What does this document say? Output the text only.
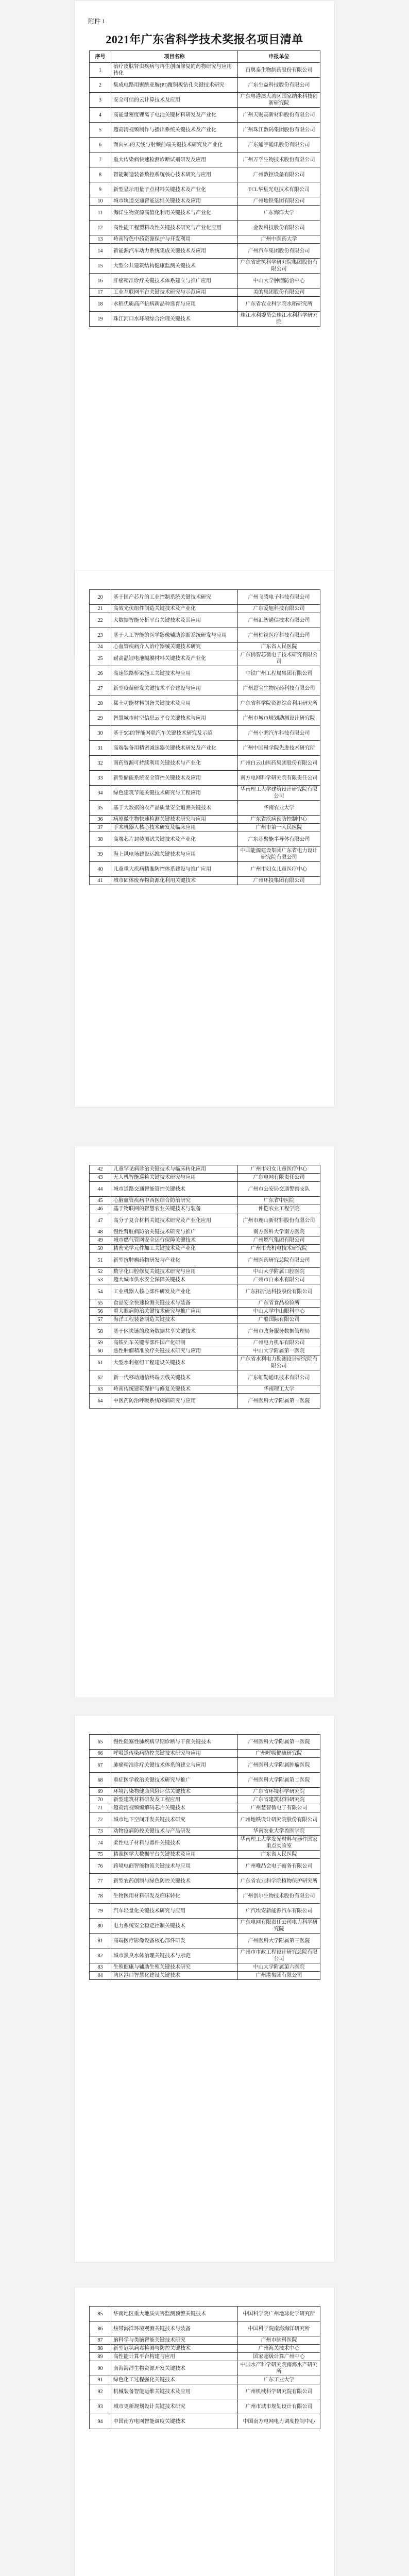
附件 1
2021年广东省科学技术奖报名项目清单
序号	项目名称	申报单位
1	治疗皮肤肾虫疾病与再生创面修复的药物研究与应用转化	百奥泰生物制药股份有限公司
2	集成电路用聚酰亚胺(PI)覆铜板钻孔关键技术研究	广东生益科技股份有限公司
3	安全可信的云计算技术及应用	广东粤港澳大湾区国家纳米科技创新研究院
4	高能量密度锂离子电池关键材料研发及产业化	广州天赐高新材料股份有限公司
5	超高清视频制作与播出系统关键技术及产业化	广州珠江数码集团股份有限公司
6	面向5G的天线与射频前端关键技术研究及产业化	广东通宇通讯股份有限公司
7	重大传染病快速检测诊断试剂研发及应用	广州万孚生物技术股份有限公司
8	智能制造装备数控系统核心技术研究与应用	广州数控设备有限公司
9	新型显示用量子点材料关键技术及产业化	TCL华星光电技术有限公司
10	城市轨道交通智能运维关键技术及应用	广州地铁集团有限公司
11	海洋生物资源高值化利用关键技术与产业化	广东海洋大学
12	高性能工程塑料改性关键技术研究与产业化应用	金发科技股份有限公司
13	岭南特色中药资源保护与开发利用	广州中医药大学
14	新能源汽车动力系统集成关键技术及应用	广州汽车集团股份有限公司
15	大型公共建筑结构健康监测关键技术	广东省建筑科学研究院集团股份有限公司
16	肝癌精准诊疗关键技术体系建立与推广应用	中山大学肿瘤防治中心
17	工业互联网平台关键技术研究与示范应用	美的集团股份有限公司
18	水稻优质高产抗病新品种选育与应用	广东省农业科学院水稻研究所
19	珠江河口水环境综合治理关键技术	珠江水利委员会珠江水利科学研究院
20	基于国产芯片的工业控制系统关键技术研究	广州飞腾电子科技有限公司
21	高效光伏组件制造关键技术及产业化	广东爱旭科技有限公司
22	大数据智能分析平台关键技术及其应用	广州汇智通信技术有限公司
23	基于人工智能的医学影像辅助诊断系统研发与应用	广州柏视医疗科技有限公司
24	心血管疾病介入治疗器械关键技术研究	广东省人民医院
25	耐高温锂电池隔膜材料关键技术及产业化	广东佛智芯微电子技术研究有限公司
26	高速铁路桥梁施工关键技术与应用	中铁广州工程局集团有限公司
27	新型疫苗研发关键技术平台建设与应用	广州恩宝生物医药科技有限公司
28	稀土功能材料制备关键技术及应用	广东省科学院资源综合利用研究所
29	智慧城市时空信息云平台关键技术与应用	广州市城市规划勘测设计研究院
30	基于5G的智能网联汽车关键技术研究及示范	广州小鹏汽车科技有限公司
31	高端装备用精密减速器关键技术研发及产业化	广州中国科学院先进技术研究所
32	南药资源可持续利用关键技术与产业化	广州白云山医药集团股份有限公司
33	新型储能系统安全管控关键技术及应用	南方电网科学研究院有限责任公司
34	绿色建筑节能关键技术研究与工程应用	华南理工大学建筑设计研究院有限公司
35	基于大数据的农产品质量安全追溯关键技术	华南农业大学
36	病原微生物快速检测关键技术研究与应用	广东省疾病预防控制中心
37	手术机器人核心技术研发及临床应用	广州市第一人民医院
38	高端芯片封装测试关键技术及产业化	广东芯聚能半导体有限公司
39	海上风电场建设运维关键技术与应用	中国能源建设集团广东省电力设计研究院有限公司
40	儿童重大疾病精准防控体系建设与推广应用	广州市妇女儿童医疗中心
41	城市固体废弃物资源化利用关键技术	广州环投集团有限公司
42	儿童罕见病诊治关键技术与临床转化应用	广州市妇女儿童医疗中心
43	无人机智能巡检关键技术研究与应用	广东电网有限责任公司
44	城市道路交通智能管控关键技术	广州市公安局交通警察支队
45	心脑血管疾病中西医结合防治研究	广东省中医院
46	基于物联网的智慧农业关键技术与装备	仲恺农业工程学院
47	高分子复合材料关键技术研究及产业化应用	广州市鹿山新材料股份有限公司
48	慢性肾脏病防治关键技术研究与推广	南方医科大学南方医院
49	城市燃气管网安全运行保障关键技术	广州燃气集团有限公司
50	精密光学元件加工关键技术及产业化	广州市光机电技术研究院
51	新型抗肿瘤药物研发与产业化	广州医药研究总院有限公司
52	数字化口腔修复关键技术研究与应用	中山大学附属口腔医院
53	超大城市供水安全保障关键技术	广州市自来水有限公司
54	工业机器人核心部件研发及产业化	广东拓斯达科技股份有限公司
55	食品安全快速检测关键技术与装备	广东省食品检验所
56	重大眼病防治关键技术研究与推广应用	中山大学中山眼科中心
57	海洋工程装备制造关键技术	广船国际有限公司
58	基于区块链的政务数据共享关键技术	广州市政务服务数据管理局
59	高铁列车关键零部件国产化研制	广州电力机车有限公司
60	恶性肿瘤精准放疗关键技术研究与应用	中山大学附属第一医院
61	大型水利枢纽工程建设关键技术	广东省水利电力勘测设计研究院有限公司
62	新一代移动通信终端天线关键技术	广东虹勤通讯技术有限公司
63	岭南传统建筑保护与修复关键技术	华南理工大学
64	中医药防治呼吸系统疾病研究与应用	广州医科大学附属第一医院
65	慢性阻塞性肺疾病早期诊断与干预关键技术	广州医科大学附属第一医院
66	呼吸道传染病防控关键技术研究与应用	广州呼吸健康研究院
67	肺癌精准诊疗关键技术体系的建立与应用	广州医科大学附属肿瘤医院
68	重症医学救治关键技术研究与推广	广州医科大学附属第二医院
69	环境污染物健康风险评估关键技术	广东省环境科学研究院
70	新型建筑材料研发及工程应用	广东省建筑材料研究院
71	超高清视频编解码芯片关键技术	广州慧智微电子有限公司
72	城市地下空间开发关键技术研究	广州地铁设计研究院股份有限公司
73	动物疫病防控关键技术与产品研发	华南农业大学兽医学院
74	柔性电子材料与器件关键技术	华南理工大学发光材料与器件国家重点实验室
75	精准医学大数据平台关键技术及应用	广东省人民医院
76	跨境电商智能物流关键技术与应用	广州唯品会电子商务有限公司
77	新型农药创制与绿色防控关键技术	广东省农业科学院植物保护研究所
78	生物医用材料研发及临床转化	广州创尔生物技术股份有限公司
79	汽车轻量化关键技术研究与应用	广汽埃安新能源汽车有限公司
80	电力系统安全稳定控制关键技术	广东电网有限责任公司电力科学研究院
81	高端医疗影像设备核心部件研发	广州医科大学附属第三医院
82	城市黑臭水体治理关键技术与示范	广州市市政工程设计研究总院有限公司
83	生殖健康与辅助生殖关键技术研究	中山大学附属第六医院
84	湾区港口智慧化建设关键技术	广州港集团有限公司
85	华南地区重大地质灾害监测预警关键技术	中国科学院广州地球化学研究所
86	热带海洋环境观测关键技术与装备	中国科学院南海海洋研究所
87	脑科学与类脑智能关键技术研究	广州市脑科医院
88	新型冠状病毒检测与防控关键技术	广州海关技术中心
89	高性能计算平台构建与应用	国家超级计算广州中心
90	南海海洋生物资源开发关键技术	中国水产科学研究院南海水产研究所
91	绿色化工过程强化关键技术	广东工业大学
92	机械装备智能运维关键技术及应用	广州机械科学研究院有限公司
93	城市更新规划设计关键技术研究	广州市城市规划设计有限公司
94	中国南方电网智能调度关键技术	中国南方电网电力调度控制中心
